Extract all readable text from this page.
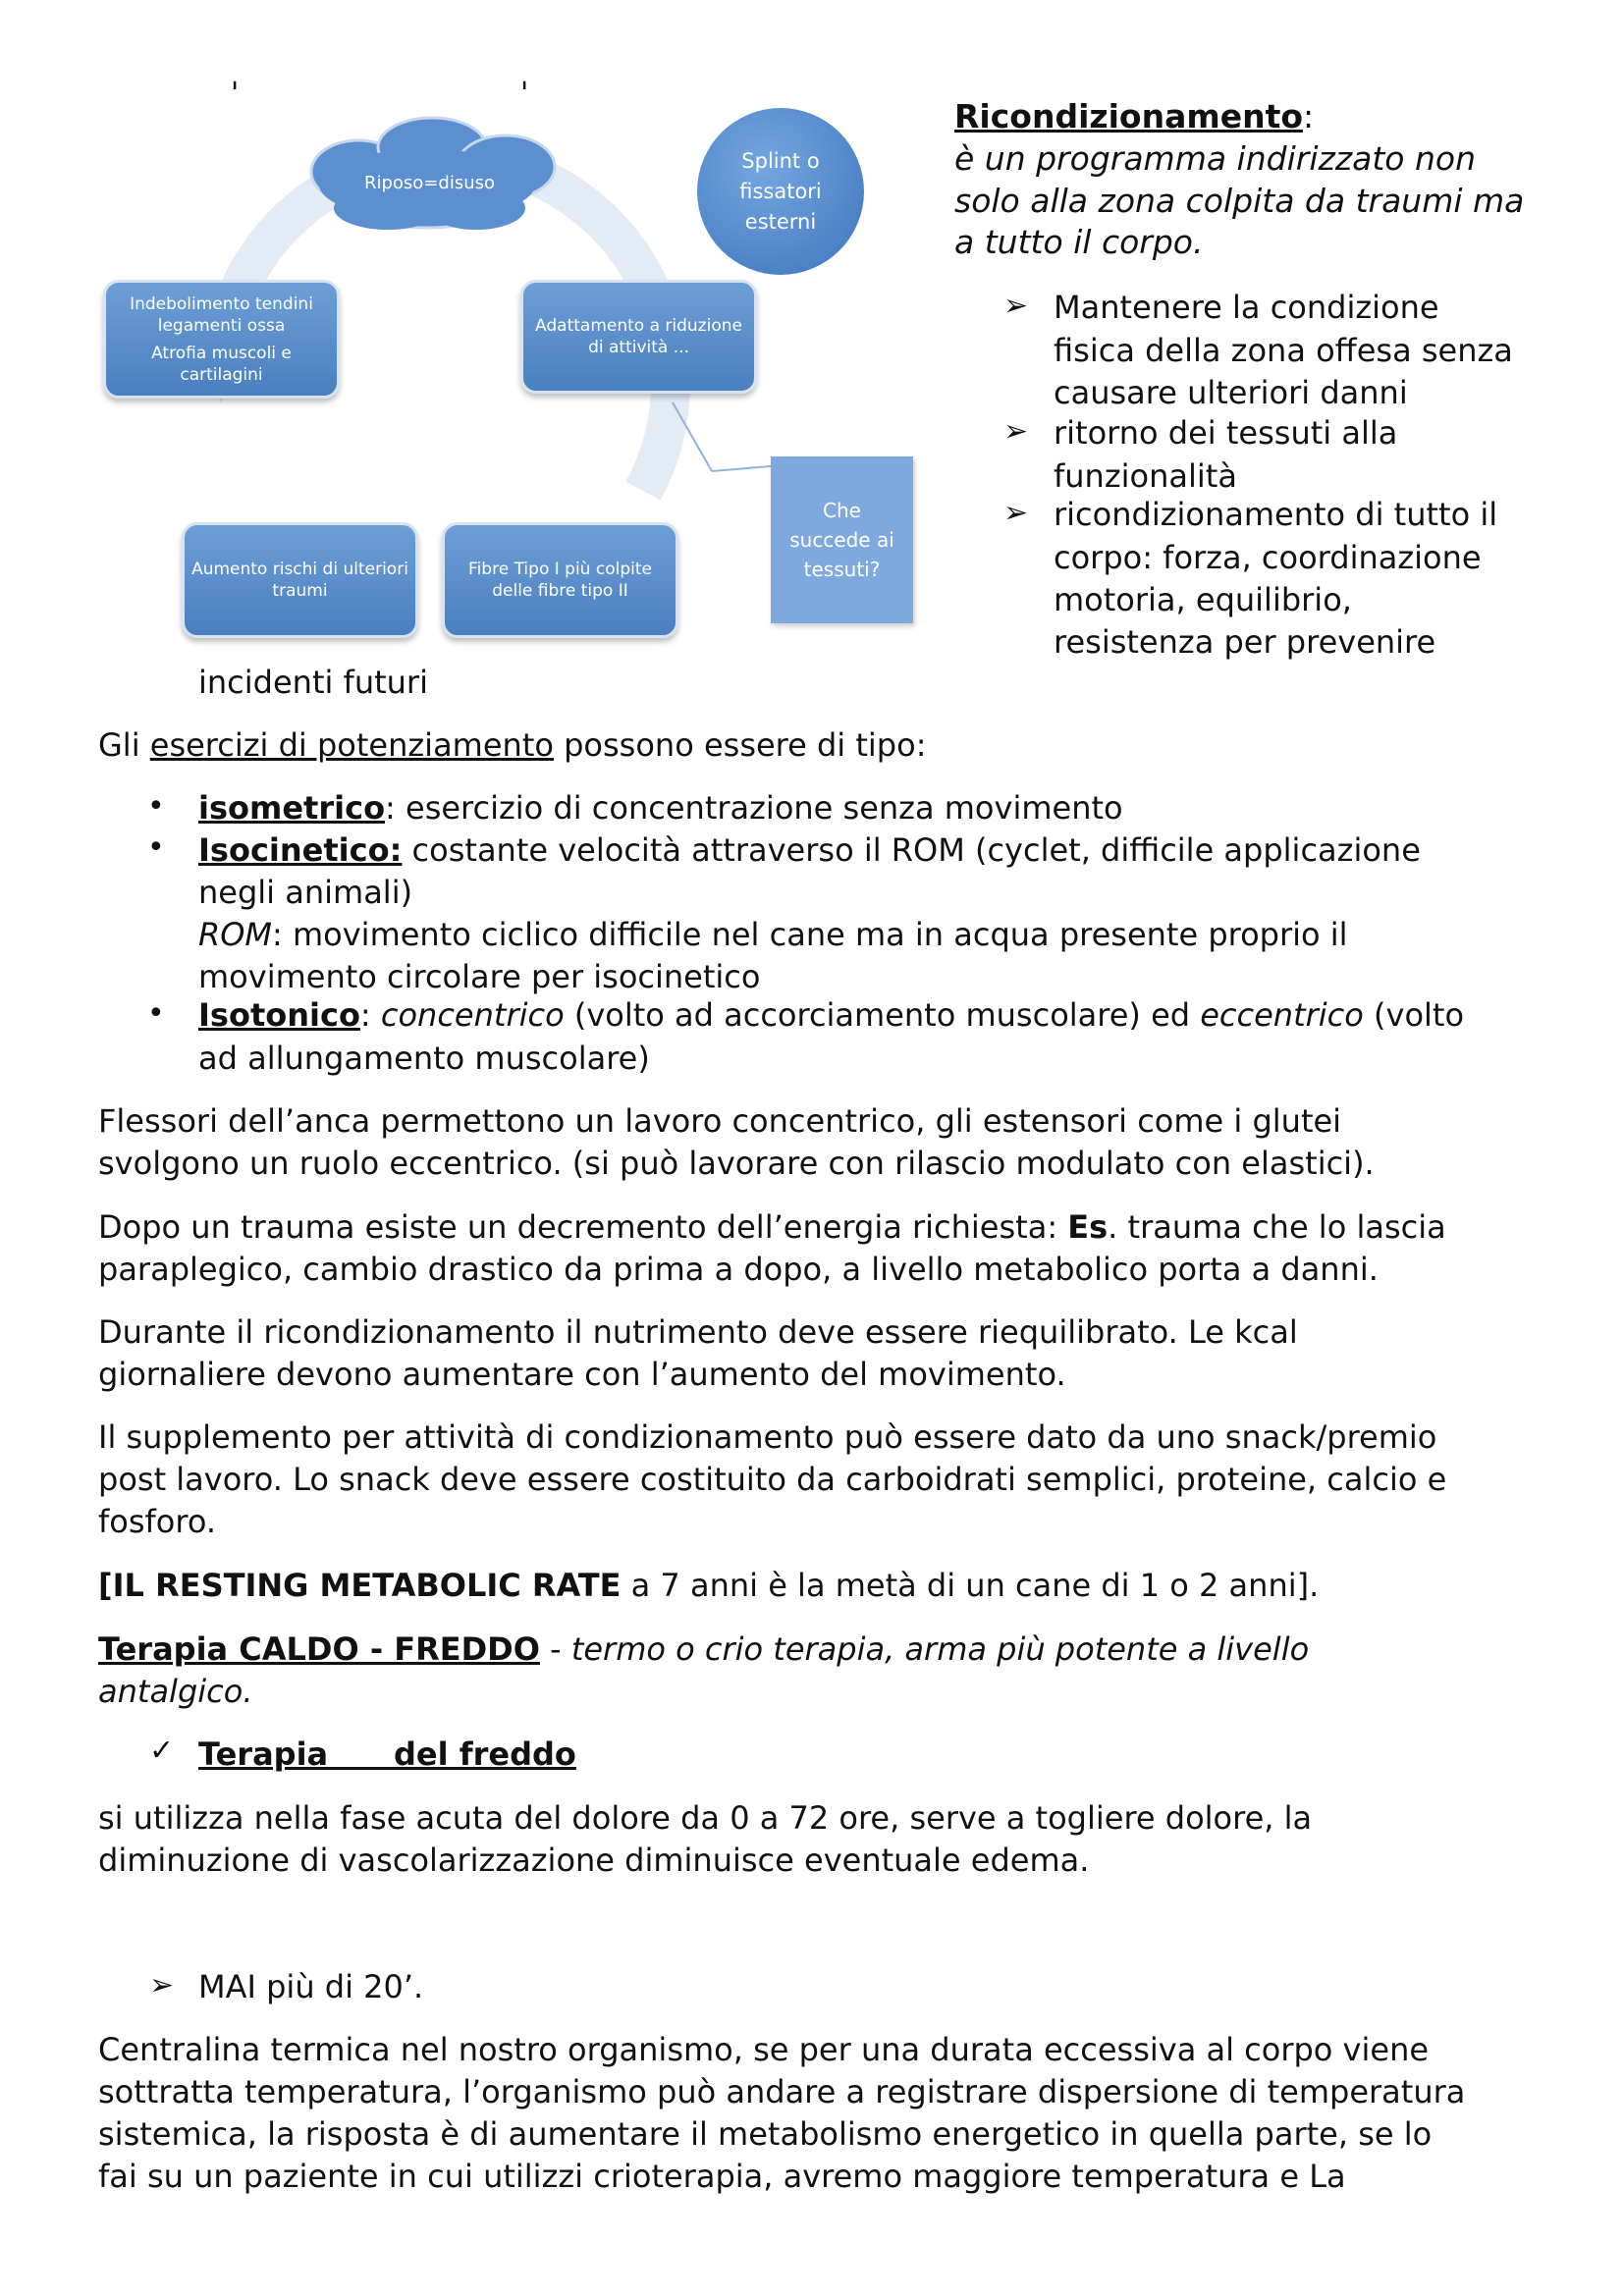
'	'
Riposo=disuso
Splint o
fissatori
esterni
Indebolimento tendini
legamenti ossa
Atrofia muscoli e
cartilagini
Adattamento a riduzione
di attività ...
Che
succede ai
tessuti?
Aumento rischi di ulteriori
traumi
Fibre Tipo I più colpite
delle fibre tipo II
Ricondizionamento:
è un programma indirizzato non
solo alla zona colpita da traumi ma
a tutto il corpo.
➢ Mantenere la condizione
fisica della zona offesa senza
causare ulteriori danni
➢ ritorno dei tessuti alla
funzionalità
➢ ricondizionamento di tutto il
corpo: forza, coordinazione
motoria, equilibrio,
resistenza per prevenire
incidenti futuri

Gli esercizi di potenziamento possono essere di tipo:

• isometrico: esercizio di concentrazione senza movimento

• Isocinetico: costante velocità attraverso il ROM (cyclet, difficile applicazione

negli animali)

ROM: movimento ciclico difficile nel cane ma in acqua presente proprio il

movimento circolare per isocinetico

• Isotonico: concentrico (volto ad accorciamento muscolare) ed eccentrico (volto

ad allungamento muscolare)

Flessori dell’anca permettono un lavoro concentrico, gli estensori come i glutei

svolgono un ruolo eccentrico. (si può lavorare con rilascio modulato con elastici).

Dopo un trauma esiste un decremento dell’energia richiesta: Es. trauma che lo lascia

paraplegico, cambio drastico da prima a dopo, a livello metabolico porta a danni.

Durante il ricondizionamento il nutrimento deve essere riequilibrato. Le kcal

giornaliere devono aumentare con l’aumento del movimento.

Il supplemento per attività di condizionamento può essere dato da uno snack/premio

post lavoro. Lo snack deve essere costituito da carboidrati semplici, proteine, calcio e

fosforo.

[IL RESTING METABOLIC RATE a 7 anni è la metà di un cane di 1 o 2 anni].

Terapia CALDO - FREDDO - termo o crio terapia, arma più potente a livello

antalgico.

✓ Terapia      del freddo

si utilizza nella fase acuta del dolore da 0 a 72 ore, serve a togliere dolore, la

diminuzione di vascolarizzazione diminuisce eventuale edema.

➢ MAI più di 20’.

Centralina termica nel nostro organismo, se per una durata eccessiva al corpo viene

sottratta temperatura, l’organismo può andare a registrare dispersione di temperatura

sistemica, la risposta è di aumentare il metabolismo energetico in quella parte, se lo

fai su un paziente in cui utilizzi crioterapia, avremo maggiore temperatura e La
